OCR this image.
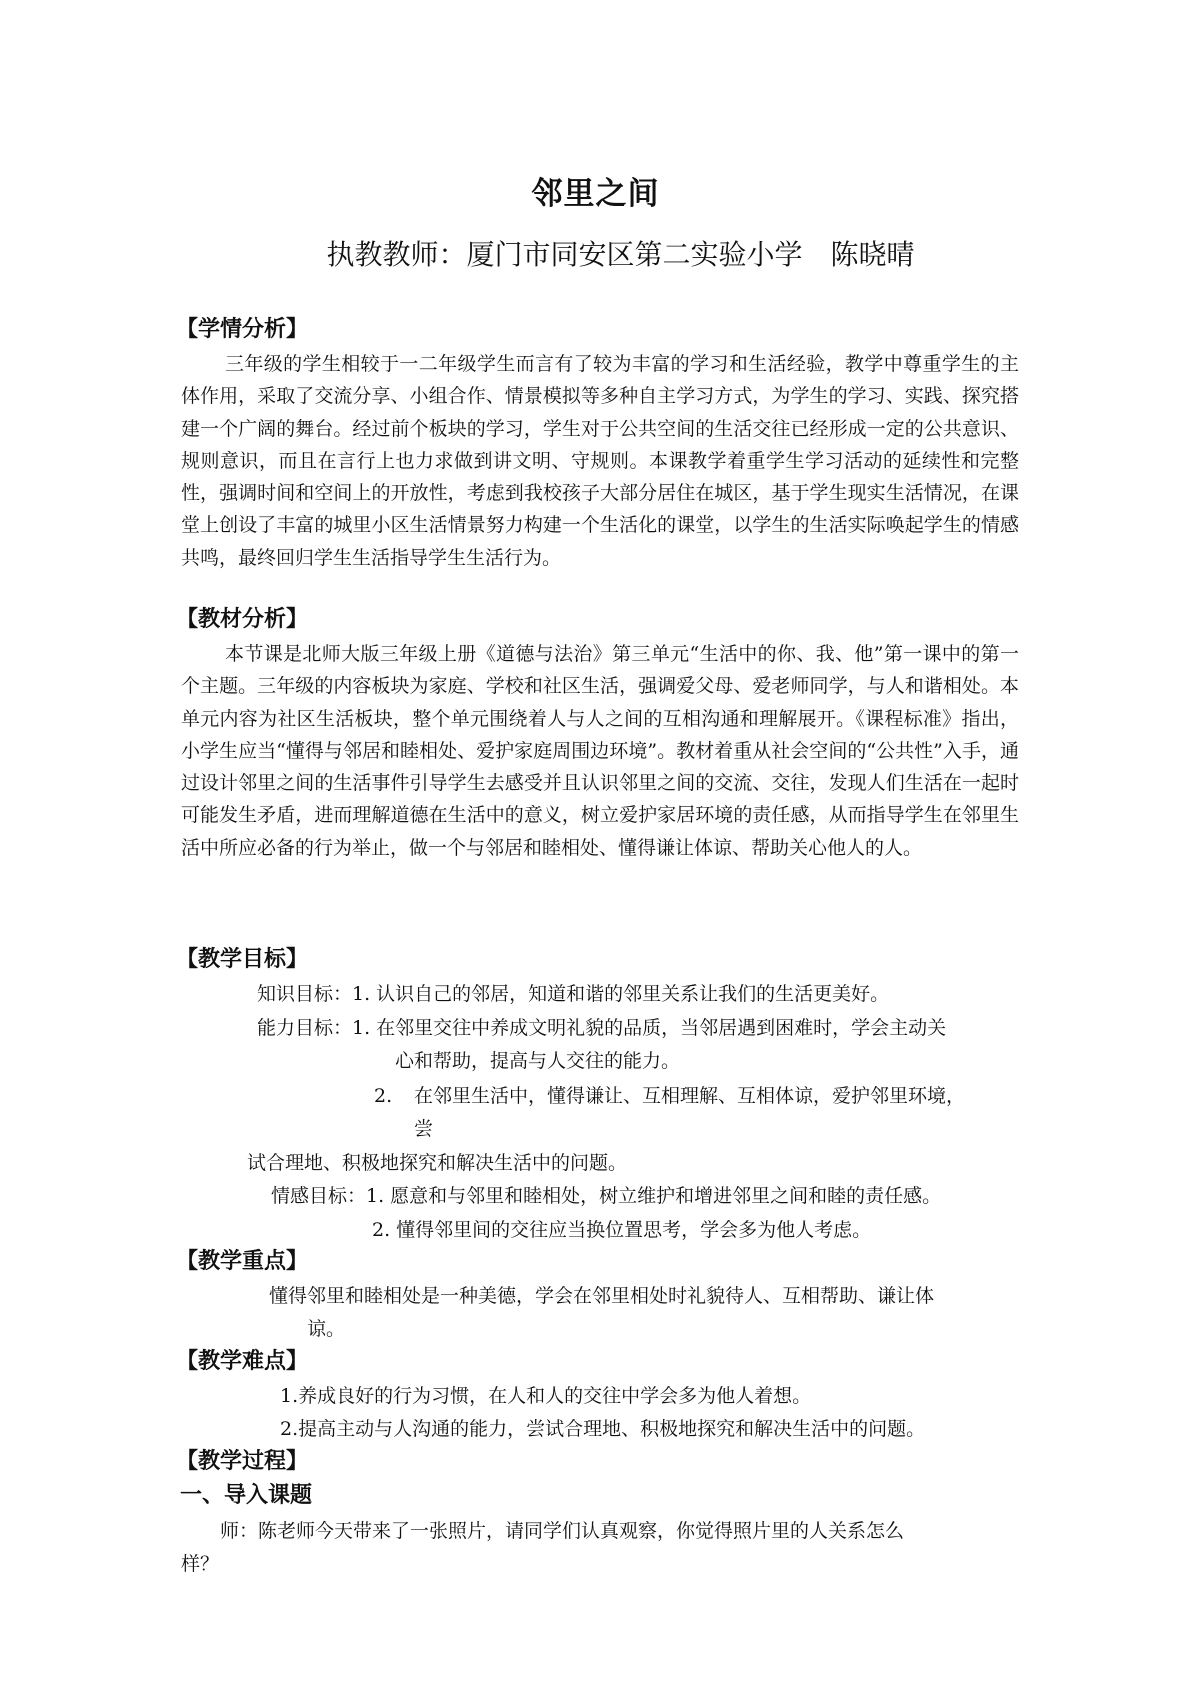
邻里之间
执教教师：厦门市同安区第二实验小学　陈晓晴
【学情分析】
三年级的学生相较于一二年级学生而言有了较为丰富的学习和生活经验，教学中尊重学生的主体作用，采取了交流分享、小组合作、情景模拟等多种自主学习方式，为学生的学习、实践、探究搭建一个广阔的舞台。经过前个板块的学习，学生对于公共空间的生活交往已经形成一定的公共意识、规则意识，而且在言行上也力求做到讲文明、守规则。本课教学着重学生学习活动的延续性和完整性，强调时间和空间上的开放性，考虑到我校孩子大部分居住在城区，基于学生现实生活情况，在课堂上创设了丰富的城里小区生活情景努力构建一个生活化的课堂，以学生的生活实际唤起学生的情感共鸣，最终回归学生生活指导学生生活行为。
【教材分析】
本节课是北师大版三年级上册《道德与法治》第三单元“生活中的你、我、他”第一课中的第一个主题。三年级的内容板块为家庭、学校和社区生活，强调爱父母、爱老师同学，与人和谐相处。本单元内容为社区生活板块，整个单元围绕着人与人之间的互相沟通和理解展开。《课程标准》指出，小学生应当“懂得与邻居和睦相处、爱护家庭周围边环境”。教材着重从社会空间的“公共性”入手，通过设计邻里之间的生活事件引导学生去感受并且认识邻里之间的交流、交往，发现人们生活在一起时可能发生矛盾，进而理解道德在生活中的意义，树立爱护家居环境的责任感，从而指导学生在邻里生活中所应必备的行为举止，做一个与邻居和睦相处、懂得谦让体谅、帮助关心他人的人。
【教学目标】
知识目标：1. 认识自己的邻居，知道和谐的邻里关系让我们的生活更美好。
能力目标：1. 在邻里交往中养成文明礼貌的品质，当邻居遇到困难时，学会主动关
心和帮助，提高与人交往的能力。
2. 在邻里生活中，懂得谦让、互相理解、互相体谅，爱护邻里环境，
尝
试合理地、积极地探究和解决生活中的问题。
情感目标：1. 愿意和与邻里和睦相处，树立维护和增进邻里之间和睦的责任感。
2. 懂得邻里间的交往应当换位置思考，学会多为他人考虑。
【教学重点】
懂得邻里和睦相处是一种美德，学会在邻里相处时礼貌待人、互相帮助、谦让体
谅。
【教学难点】
1.养成良好的行为习惯，在人和人的交往中学会多为他人着想。
2.提高主动与人沟通的能力，尝试合理地、积极地探究和解决生活中的问题。
【教学过程】
一、导入课题
师：陈老师今天带来了一张照片，请同学们认真观察，你觉得照片里的人关系怎么
样？
